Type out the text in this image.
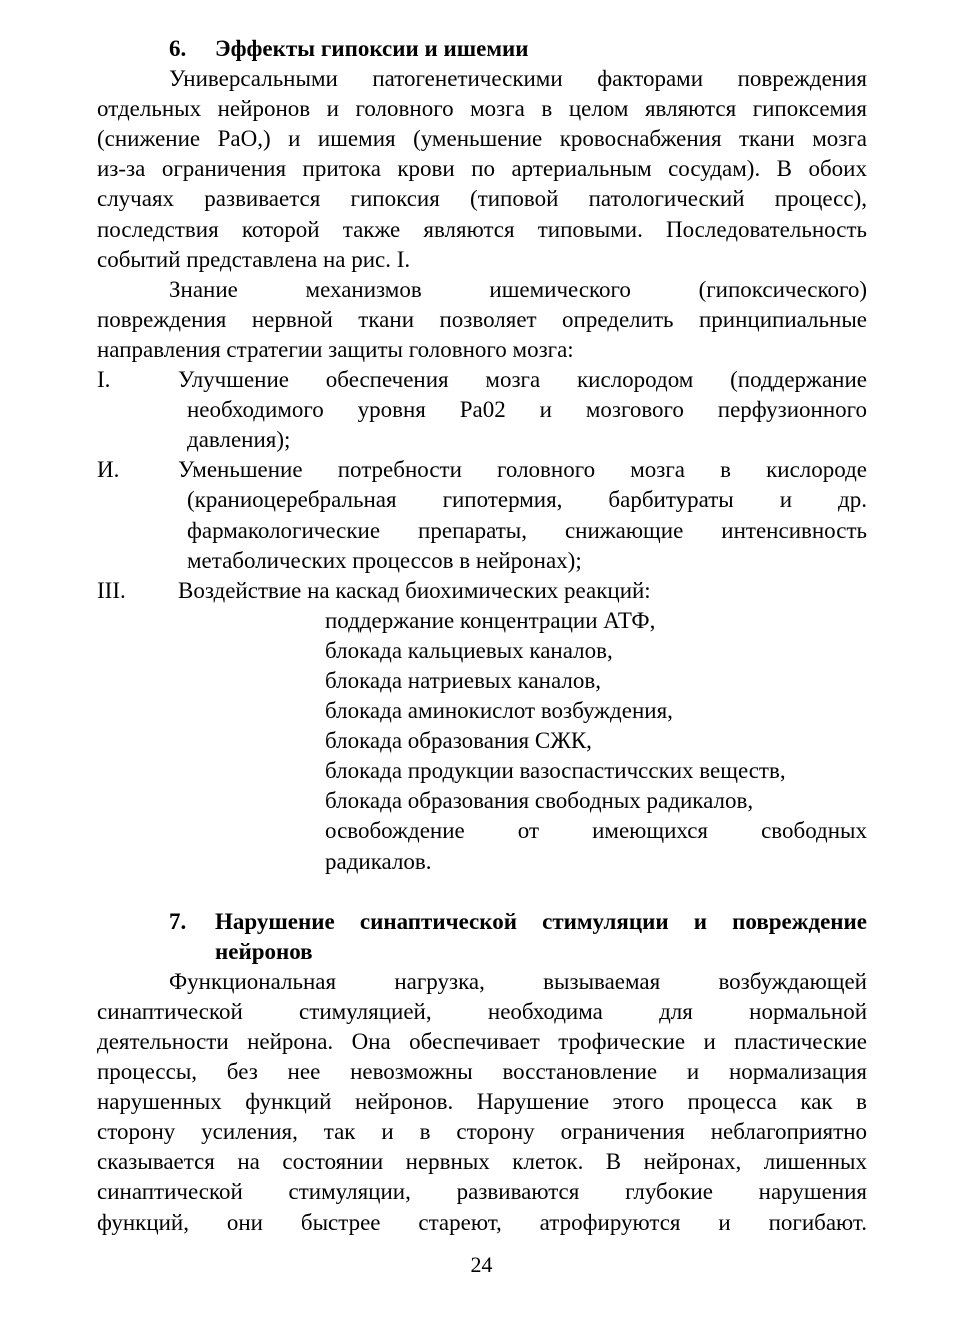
6.	Эффекты гипоксии и ишемии
Универсальными патогенетическими факторами повреждения
отдельных нейронов и головного мозга в целом являются гипоксемия
(снижение РаО,) и ишемия (уменьшение кровоснабжения ткани мозга
из-за ограничения притока крови по артериальным сосудам). В обоих
случаях развивается гипоксия (типовой патологический процесс),
последствия которой также являются типовыми. Последовательность
событий представлена на рис. I.
Знание механизмов ишемического (гипоксического)
повреждения нервной ткани позволяет определить принципиальные
направления стратегии защиты головного мозга:
I.	Улучшение обеспечения мозга кислородом (поддержание
необходимого уровня Ра02 и мозгового перфузионного
давления);
И.	Уменьшение потребности головного мозга в кислороде
(краниоцеребральная гипотермия, барбитураты и др.
фармакологические препараты, снижающие интенсивность
метаболических процессов в нейронах);
III.	Воздействие на каскад биохимических реакций:
поддержание концентрации АТФ,
блокада кальциевых каналов,
блокада натриевых каналов,
блокада аминокислот возбуждения,
блокада образования СЖК,
блокада продукции вазоспастичсских веществ,
блокада образования свободных радикалов,
освобождение от имеющихся свободных
радикалов.
7.	Нарушение синаптической стимуляции и повреждение
нейронов
Функциональная нагрузка, вызываемая возбуждающей
синаптической стимуляцией, необходима для нормальной
деятельности нейрона. Она обеспечивает трофические и пластические
процессы, без нее невозможны восстановление и нормализация
нарушенных функций нейронов. Нарушение этого процесса как в
сторону усиления, так и в сторону ограничения неблагоприятно
сказывается на состоянии нервных клеток. В нейронах, лишенных
синаптической стимуляции, развиваются глубокие нарушения
функций, они быстрее стареют, атрофируются и погибают.
24
